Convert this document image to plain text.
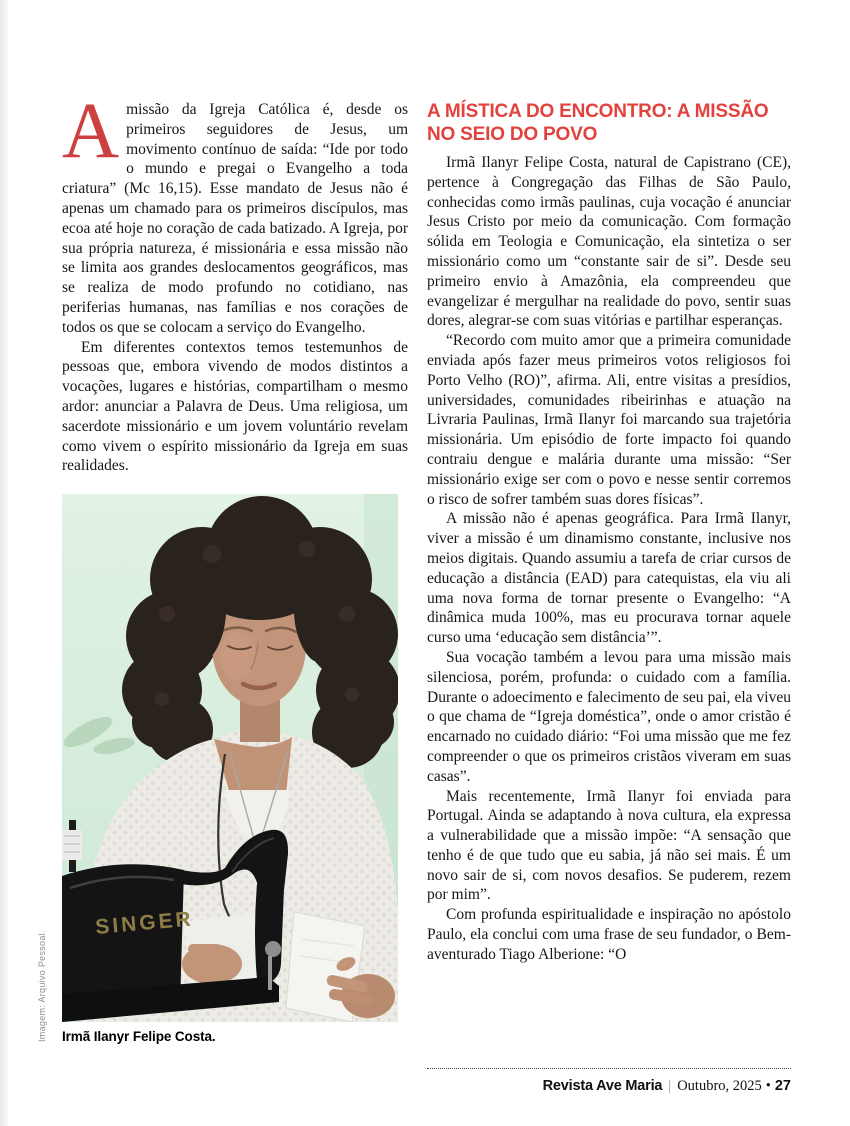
Amissão da Igreja Católica é, desde os primeiros seguidores de Jesus, um movimento contínuo de saída: “Ide por todo o mundo e pregai o Evangelho a toda criatura” (Mc 16,15). Esse mandato de Jesus não é apenas um chamado para os primeiros discípulos, mas ecoa até hoje no coração de cada batizado. A Igreja, por sua própria natureza, é missionária e essa missão não se limita aos grandes deslocamentos geográficos, mas se realiza de modo profundo no cotidiano, nas periferias humanas, nas famílias e nos corações de todos os que se colocam a serviço do Evangelho.

Em diferentes contextos temos testemunhos de pessoas que, embora vivendo de modos distintos a vocações, lugares e histórias, compartilham o mesmo ardor: anunciar a Palavra de Deus. Uma religiosa, um sacerdote missionário e um jovem voluntário revelam como vivem o espírito missionário da Igreja em suas realidades.

Imagem: Arquivo Pessoal.
SINGER
Irmã Ilanyr Felipe Costa.
A MÍSTICA DO ENCONTRO: A MISSÃO NO SEIO DO POVO

Irmã Ilanyr Felipe Costa, natural de Capistrano (CE), pertence à Congregação das Filhas de São Paulo, conhecidas como irmãs paulinas, cuja vocação é anunciar Jesus Cristo por meio da comunicação. Com formação sólida em Teologia e Comunicação, ela sintetiza o ser missionário como um “constante sair de si”. Desde seu primeiro envio à Amazônia, ela compreendeu que evangelizar é mergulhar na realidade do povo, sentir suas dores, alegrar-se com suas vitórias e partilhar esperanças.

“Recordo com muito amor que a primeira comunidade enviada após fazer meus primeiros votos religiosos foi Porto Velho (RO)”, afirma. Ali, entre visitas a presídios, universidades, comunidades ribeirinhas e atuação na Livraria Paulinas, Irmã Ilanyr foi marcando sua trajetória missionária. Um episódio de forte impacto foi quando contraiu dengue e malária durante uma missão: “Ser missionário exige ser com o povo e nesse sentir corremos o risco de sofrer também suas dores físicas”.

A missão não é apenas geográfica. Para Irmã Ilanyr, viver a missão é um dinamismo constante, inclusive nos meios digitais. Quando assumiu a tarefa de criar cursos de educação a distância (EAD) para catequistas, ela viu ali uma nova forma de tornar presente o Evangelho: “A dinâmica muda 100%, mas eu procurava tornar aquele curso uma ‘educação sem distância’”.

Sua vocação também a levou para uma missão mais silenciosa, porém, profunda: o cuidado com a família. Durante o adoecimento e falecimento de seu pai, ela viveu o que chama de “Igreja doméstica”, onde o amor cristão é encarnado no cuidado diário: “Foi uma missão que me fez compreender o que os primeiros cristãos viveram em suas casas”.

Mais recentemente, Irmã Ilanyr foi enviada para Portugal. Ainda se adaptando à nova cultura, ela expressa a vulnerabilidade que a missão impõe: “A sensação que tenho é de que tudo que eu sabia, já não sei mais. É um novo sair de si, com novos desafios. Se puderem, rezem por mim”.

Com profunda espiritualidade e inspiração no apóstolo Paulo, ela conclui com uma frase de seu fundador, o Bem-aventurado Tiago Alberione: “O

Revista Ave Maria | Outubro, 2025 • 27
